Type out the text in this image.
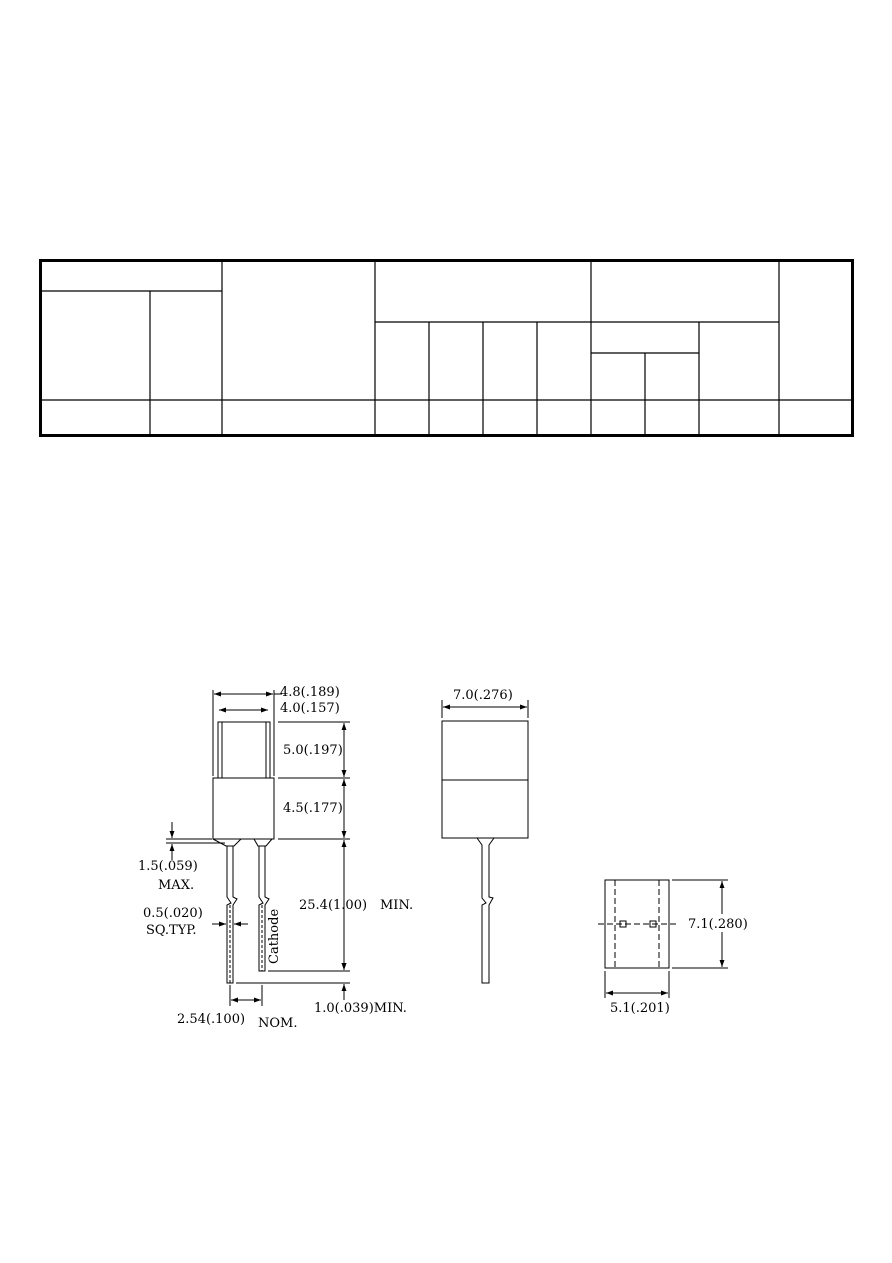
4.8(.189)
4.0(.157)
5.0(.197)
4.5(.177)
1.5(.059)
MAX.
0.5(.020)
SQ.TYP.
25.4(1.00) MIN.
1.0(.039)MIN.
2.54(.100) NOM.
Cathode
7.0(.276)
7.1(.280)
5.1(.201)
